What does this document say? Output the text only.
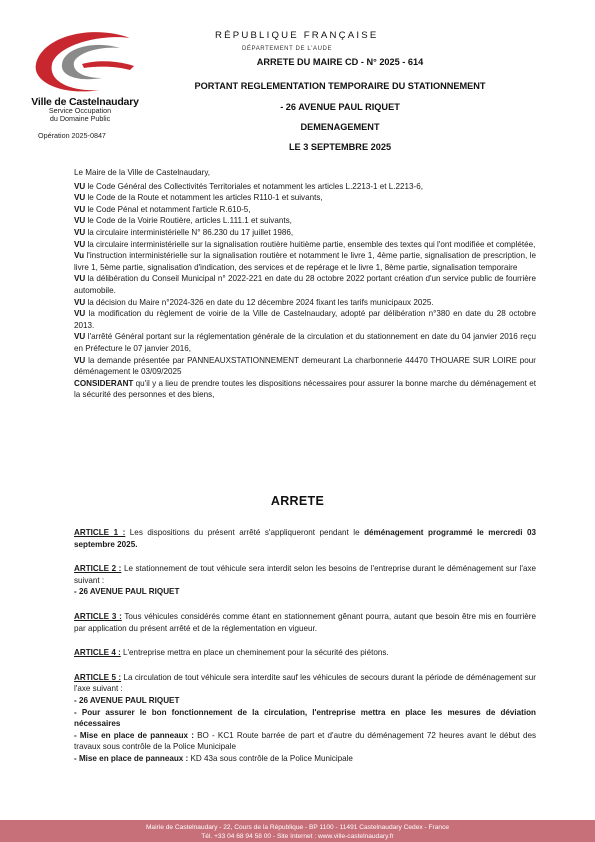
Ville de Castelnaudary
Service Occupation
du Domaine Public
Opération 2025-0847
RÉPUBLIQUE FRANÇAISE
DÉPARTEMENT DE L'AUDE
ARRETE DU MAIRE CD - N° 2025 - 614
PORTANT REGLEMENTATION TEMPORAIRE DU STATIONNEMENT
- 26 AVENUE PAUL RIQUET
DEMENAGEMENT
LE 3 SEPTEMBRE 2025

Le Maire de la Ville de Castelnaudary,

VU le Code Général des Collectivités Territoriales et notamment les articles L.2213-1 et L.2213-6,

VU le Code de la Route et notamment les articles R110-1 et suivants,

VU le Code Pénal et notamment l'article R.610-5,

VU le Code de la Voirie Routière, articles L.111.1 et suivants,

VU la circulaire interministérielle N° 86.230 du 17 juillet 1986,

VU la circulaire interministérielle sur la signalisation routière huitième partie, ensemble des textes qui l'ont modifiée et complétée,

Vu l'instruction interministérielle sur la signalisation routière et notamment le livre 1, 4ème partie, signalisation de prescription, le livre 1, 5ème partie, signalisation d'indication, des services et de repérage et le livre 1, 8ème partie, signalisation temporaire

VU la délibération du Conseil Municipal n° 2022-221 en date du 28 octobre 2022 portant création d'un service public de fourrière automobile.

VU la décision du Maire n°2024-326 en date du 12 décembre 2024 fixant les tarifs municipaux 2025.

VU la modification du règlement de voirie de la Ville de Castelnaudary, adopté par délibération n°380 en date du 28 octobre 2013.

VU l'arrêté Général portant sur la réglementation générale de la circulation et du stationnement en date du 04 janvier 2016 reçu en Préfecture le 07 janvier 2016,

VU la demande présentée par PANNEAUXSTATIONNEMENT demeurant La charbonnerie 44470 THOUARE SUR LOIRE pour déménagement le 03/09/2025

CONSIDERANT qu'il y a lieu de prendre toutes les dispositions nécessaires pour assurer la bonne marche du déménagement et la sécurité des personnes et des biens,

ARRETE

ARTICLE 1 : Les dispositions du présent arrêté s'appliqueront pendant le déménagement programmé le mercredi 03 septembre 2025.

ARTICLE 2 : Le stationnement de tout véhicule sera interdit selon les besoins de l'entreprise durant le déménagement sur l'axe suivant :
- 26 AVENUE PAUL RIQUET

ARTICLE 3 : Tous véhicules considérés comme étant en stationnement gênant pourra, autant que besoin être mis en fourrière par application du présent arrêté et de la réglementation en vigueur.

ARTICLE 4 : L'entreprise mettra en place un cheminement pour la sécurité des piétons.

ARTICLE 5 : La circulation de tout véhicule sera interdite sauf les véhicules de secours durant la période de déménagement sur l'axe suivant :
- 26 AVENUE PAUL RIQUET
- Pour assurer le bon fonctionnement de la circulation, l'entreprise mettra en place les mesures de déviation nécessaires
- Mise en place de panneaux : BO - KC1 Route barrée de part et d'autre du déménagement 72 heures avant le début des travaux sous contrôle de la Police Municipale
- Mise en place de panneaux : KD 43a sous contrôle de la Police Municipale

Mairie de Castelnaudary - 22, Cours de la République - BP 1100 - 11491 Castelnaudary Cedex - France
Tél. +33 04 68 94 58 00 - Site Internet : www.ville-castelnaudary.fr
